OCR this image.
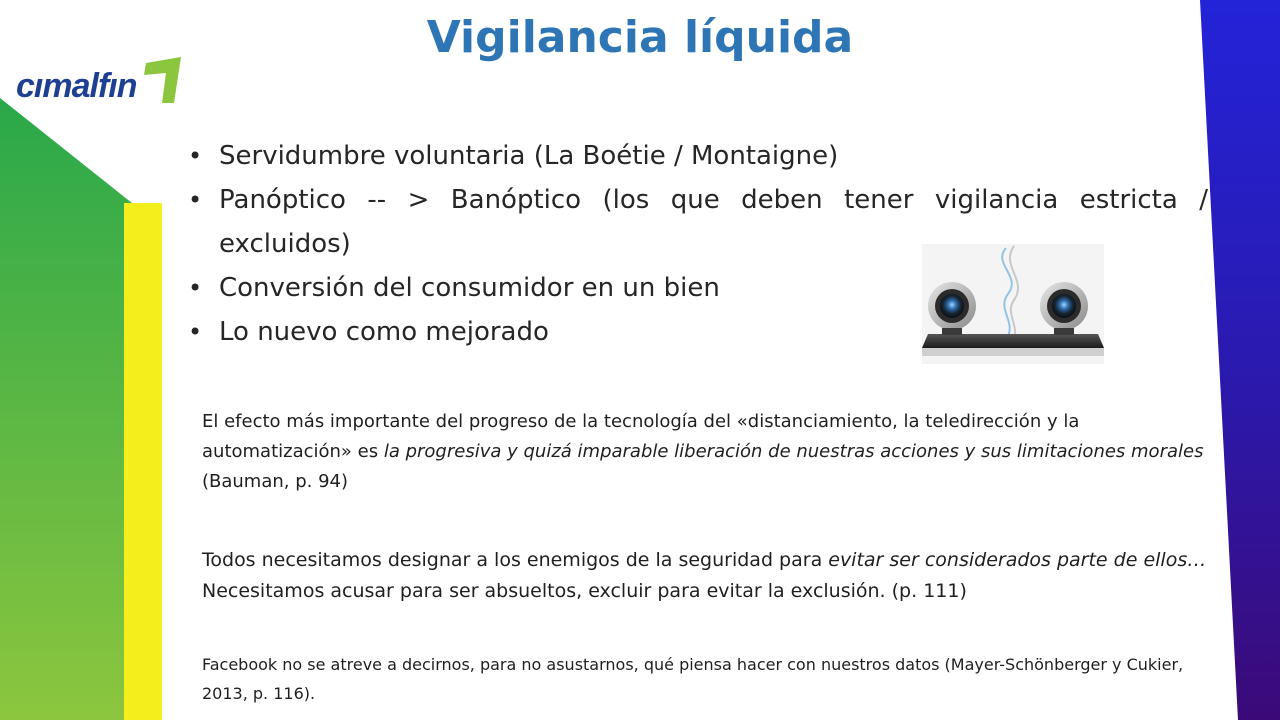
cımalfın
Vigilancia líquida
• Servidumbre voluntaria (La Boétie / Montaigne)
• Panóptico -- > Banóptico (los que deben tener vigilancia estricta / excluidos)
• Conversión del consumidor en un bien
• Lo nuevo como mejorado
El efecto más importante del progreso de la tecnología del «distanciamiento, la teledirección y la automatización» es la progresiva y quizá imparable liberación de nuestras acciones y sus limitaciones morales (Bauman, p. 94)
Todos necesitamos designar a los enemigos de la seguridad para evitar ser considerados parte de ellos…Necesitamos acusar para ser absueltos, excluir para evitar la exclusión. (p. 111)
Facebook no se atreve a decirnos, para no asustarnos, qué piensa hacer con nuestros datos (Mayer-Schönberger y Cukier, 2013, p. 116).
